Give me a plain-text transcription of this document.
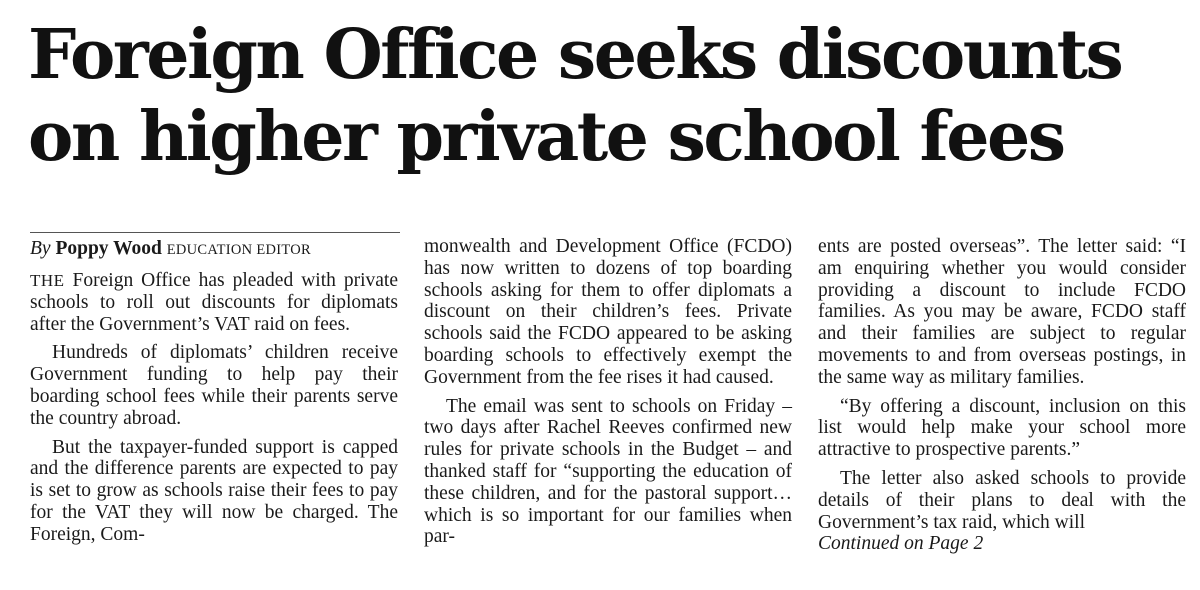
Foreign Office seeks discounts
on higher private school fees
By Poppy Wood EDUCATION EDITOR

THE Foreign Office has pleaded with private schools to roll out discounts for diplomats after the Government’s VAT raid on fees.

Hundreds of diplomats’ children receive Government funding to help pay their boarding school fees while their parents serve the country abroad.

But the taxpayer-funded support is capped and the difference parents are expected to pay is set to grow as schools raise their fees to pay for the VAT they will now be charged. The Foreign, Com-

monwealth and Development Office (FCDO) has now written to dozens of top boarding schools asking for them to offer diplomats a discount on their children’s fees. Private schools said the FCDO appeared to be asking boarding schools to effectively exempt the Government from the fee rises it had caused.

The email was sent to schools on Friday – two days after Rachel Reeves confirmed new rules for private schools in the Budget – and thanked staff for “supporting the education of these children, and for the pastoral support… which is so important for our families when par-

ents are posted overseas”. The letter said: “I am enquiring whether you would consider providing a discount to include FCDO families. As you may be aware, FCDO staff and their families are subject to regular movements to and from overseas postings, in the same way as military families.

“By offering a discount, inclusion on this list would help make your school more attractive to prospective parents.”

The letter also asked schools to provide details of their plans to deal with the Government’s tax raid, which will

Continued on Page 2
